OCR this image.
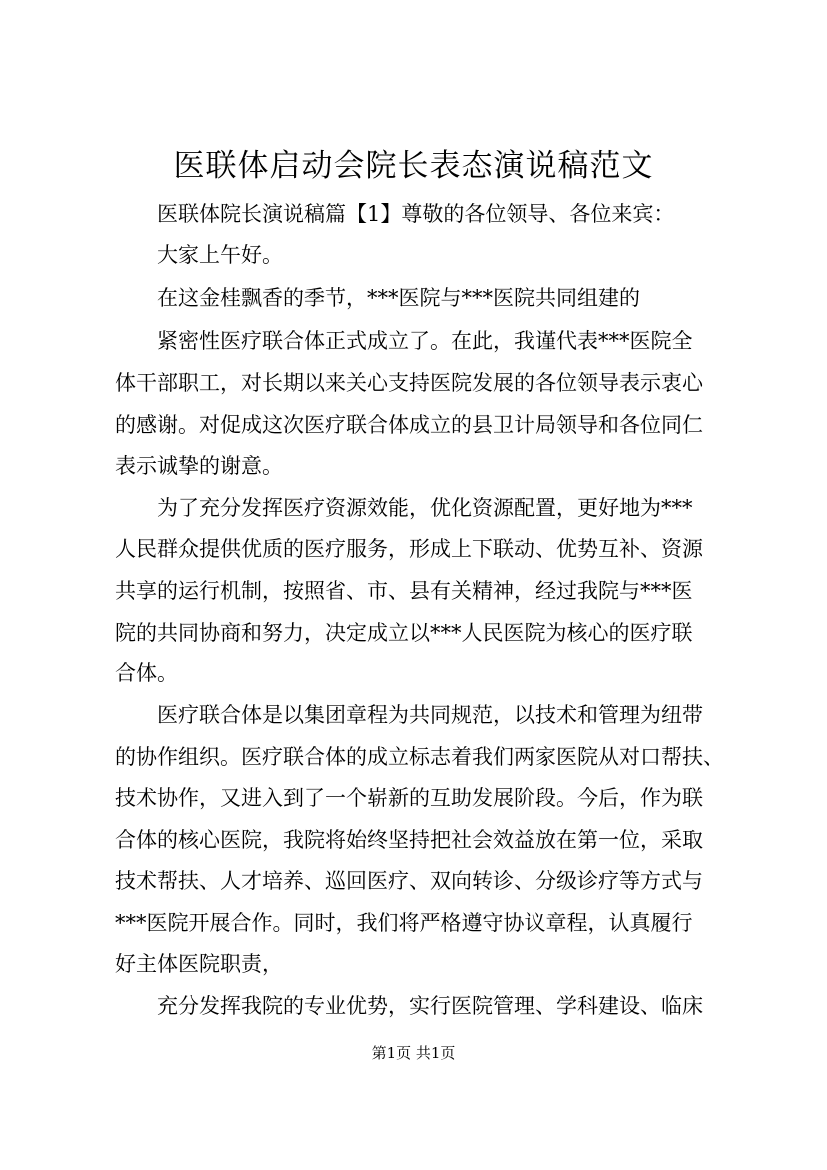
医联体启动会院长表态演说稿范文

医联体院长演说稿篇【1】尊敬的各位领导、各位来宾：

大家上午好。

在这金桂飘香的季节，***医院与***医院共同组建的

紧密性医疗联合体正式成立了。在此，我谨代表***医院全

体干部职工，对长期以来关心支持医院发展的各位领导表示衷心

的感谢。对促成这次医疗联合体成立的县卫计局领导和各位同仁

表示诚挚的谢意。

为了充分发挥医疗资源效能，优化资源配置，更好地为***

人民群众提供优质的医疗服务，形成上下联动、优势互补、资源

共享的运行机制，按照省、市、县有关精神，经过我院与***医

院的共同协商和努力，决定成立以***人民医院为核心的医疗联

合体。

医疗联合体是以集团章程为共同规范，以技术和管理为纽带

的协作组织。医疗联合体的成立标志着我们两家医院从对口帮扶、

技术协作，又进入到了一个崭新的互助发展阶段。今后，作为联

合体的核心医院，我院将始终坚持把社会效益放在第一位，采取

技术帮扶、人才培养、巡回医疗、双向转诊、分级诊疗等方式与

***医院开展合作。同时，我们将严格遵守协议章程，认真履行

好主体医院职责，

充分发挥我院的专业优势，实行医院管理、学科建设、临床

第1页 共1页
